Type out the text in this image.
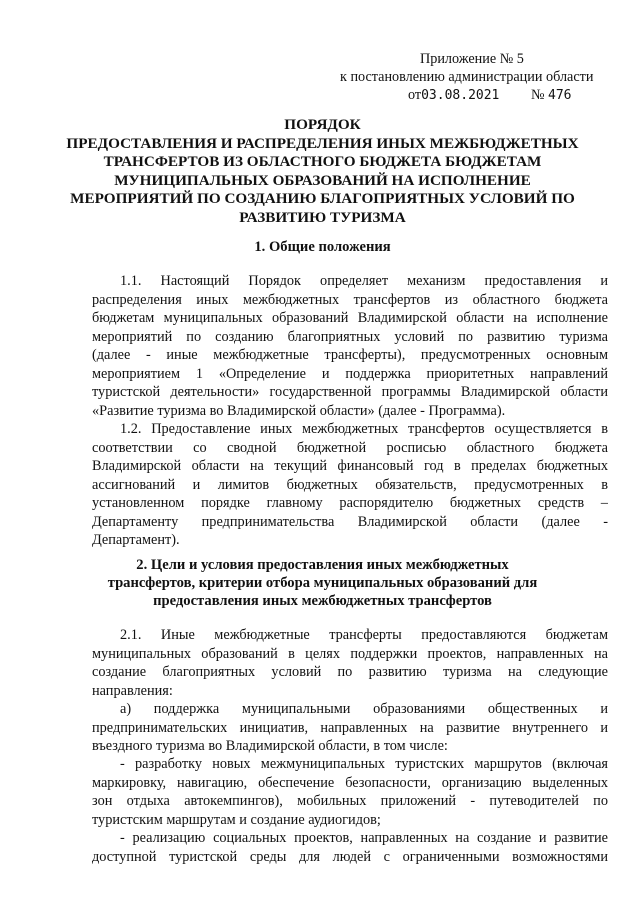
Приложение № 5
к постановлению администрации области
от03.08.2021 № 476
ПОРЯДОК
ПРЕДОСТАВЛЕНИЯ И РАСПРЕДЕЛЕНИЯ ИНЫХ МЕЖБЮДЖЕТНЫХ
ТРАНСФЕРТОВ ИЗ ОБЛАСТНОГО БЮДЖЕТА БЮДЖЕТАМ
МУНИЦИПАЛЬНЫХ ОБРАЗОВАНИЙ НА ИСПОЛНЕНИЕ
МЕРОПРИЯТИЙ ПО СОЗДАНИЮ БЛАГОПРИЯТНЫХ УСЛОВИЙ ПО
РАЗВИТИЮ ТУРИЗМА
1. Общие положения
1.1. Настоящий Порядок определяет механизм предоставления и
распределения иных межбюджетных трансфертов из областного бюджета
бюджетам муниципальных образований Владимирской области на исполнение
мероприятий по созданию благоприятных условий по развитию туризма
(далее - иные межбюджетные трансферты), предусмотренных основным
мероприятием 1 «Определение и поддержка приоритетных направлений
туристской деятельности» государственной программы Владимирской области
«Развитие туризма во Владимирской области» (далее - Программа).
1.2. Предоставление иных межбюджетных трансфертов осуществляется в
соответствии со сводной бюджетной росписью областного бюджета
Владимирской области на текущий финансовый год в пределах бюджетных
ассигнований и лимитов бюджетных обязательств, предусмотренных в
установленном порядке главному распорядителю бюджетных средств –
Департаменту предпринимательства Владимирской области (далее -
Департамент).
2. Цели и условия предоставления иных межбюджетных
трансфертов, критерии отбора муниципальных образований для
предоставления иных межбюджетных трансфертов
2.1. Иные межбюджетные трансферты предоставляются бюджетам
муниципальных образований в целях поддержки проектов, направленных на
создание благоприятных условий по развитию туризма на следующие
направления:
а) поддержка муниципальными образованиями общественных и
предпринимательских инициатив, направленных на развитие внутреннего и
въездного туризма во Владимирской области, в том числе:
- разработку новых межмуниципальных туристских маршрутов (включая
маркировку, навигацию, обеспечение безопасности, организацию выделенных
зон отдыха автокемпингов), мобильных приложений - путеводителей по
туристским маршрутам и создание аудиогидов;
- реализацию социальных проектов, направленных на создание и развитие
доступной туристской среды для людей с ограниченными возможностями
